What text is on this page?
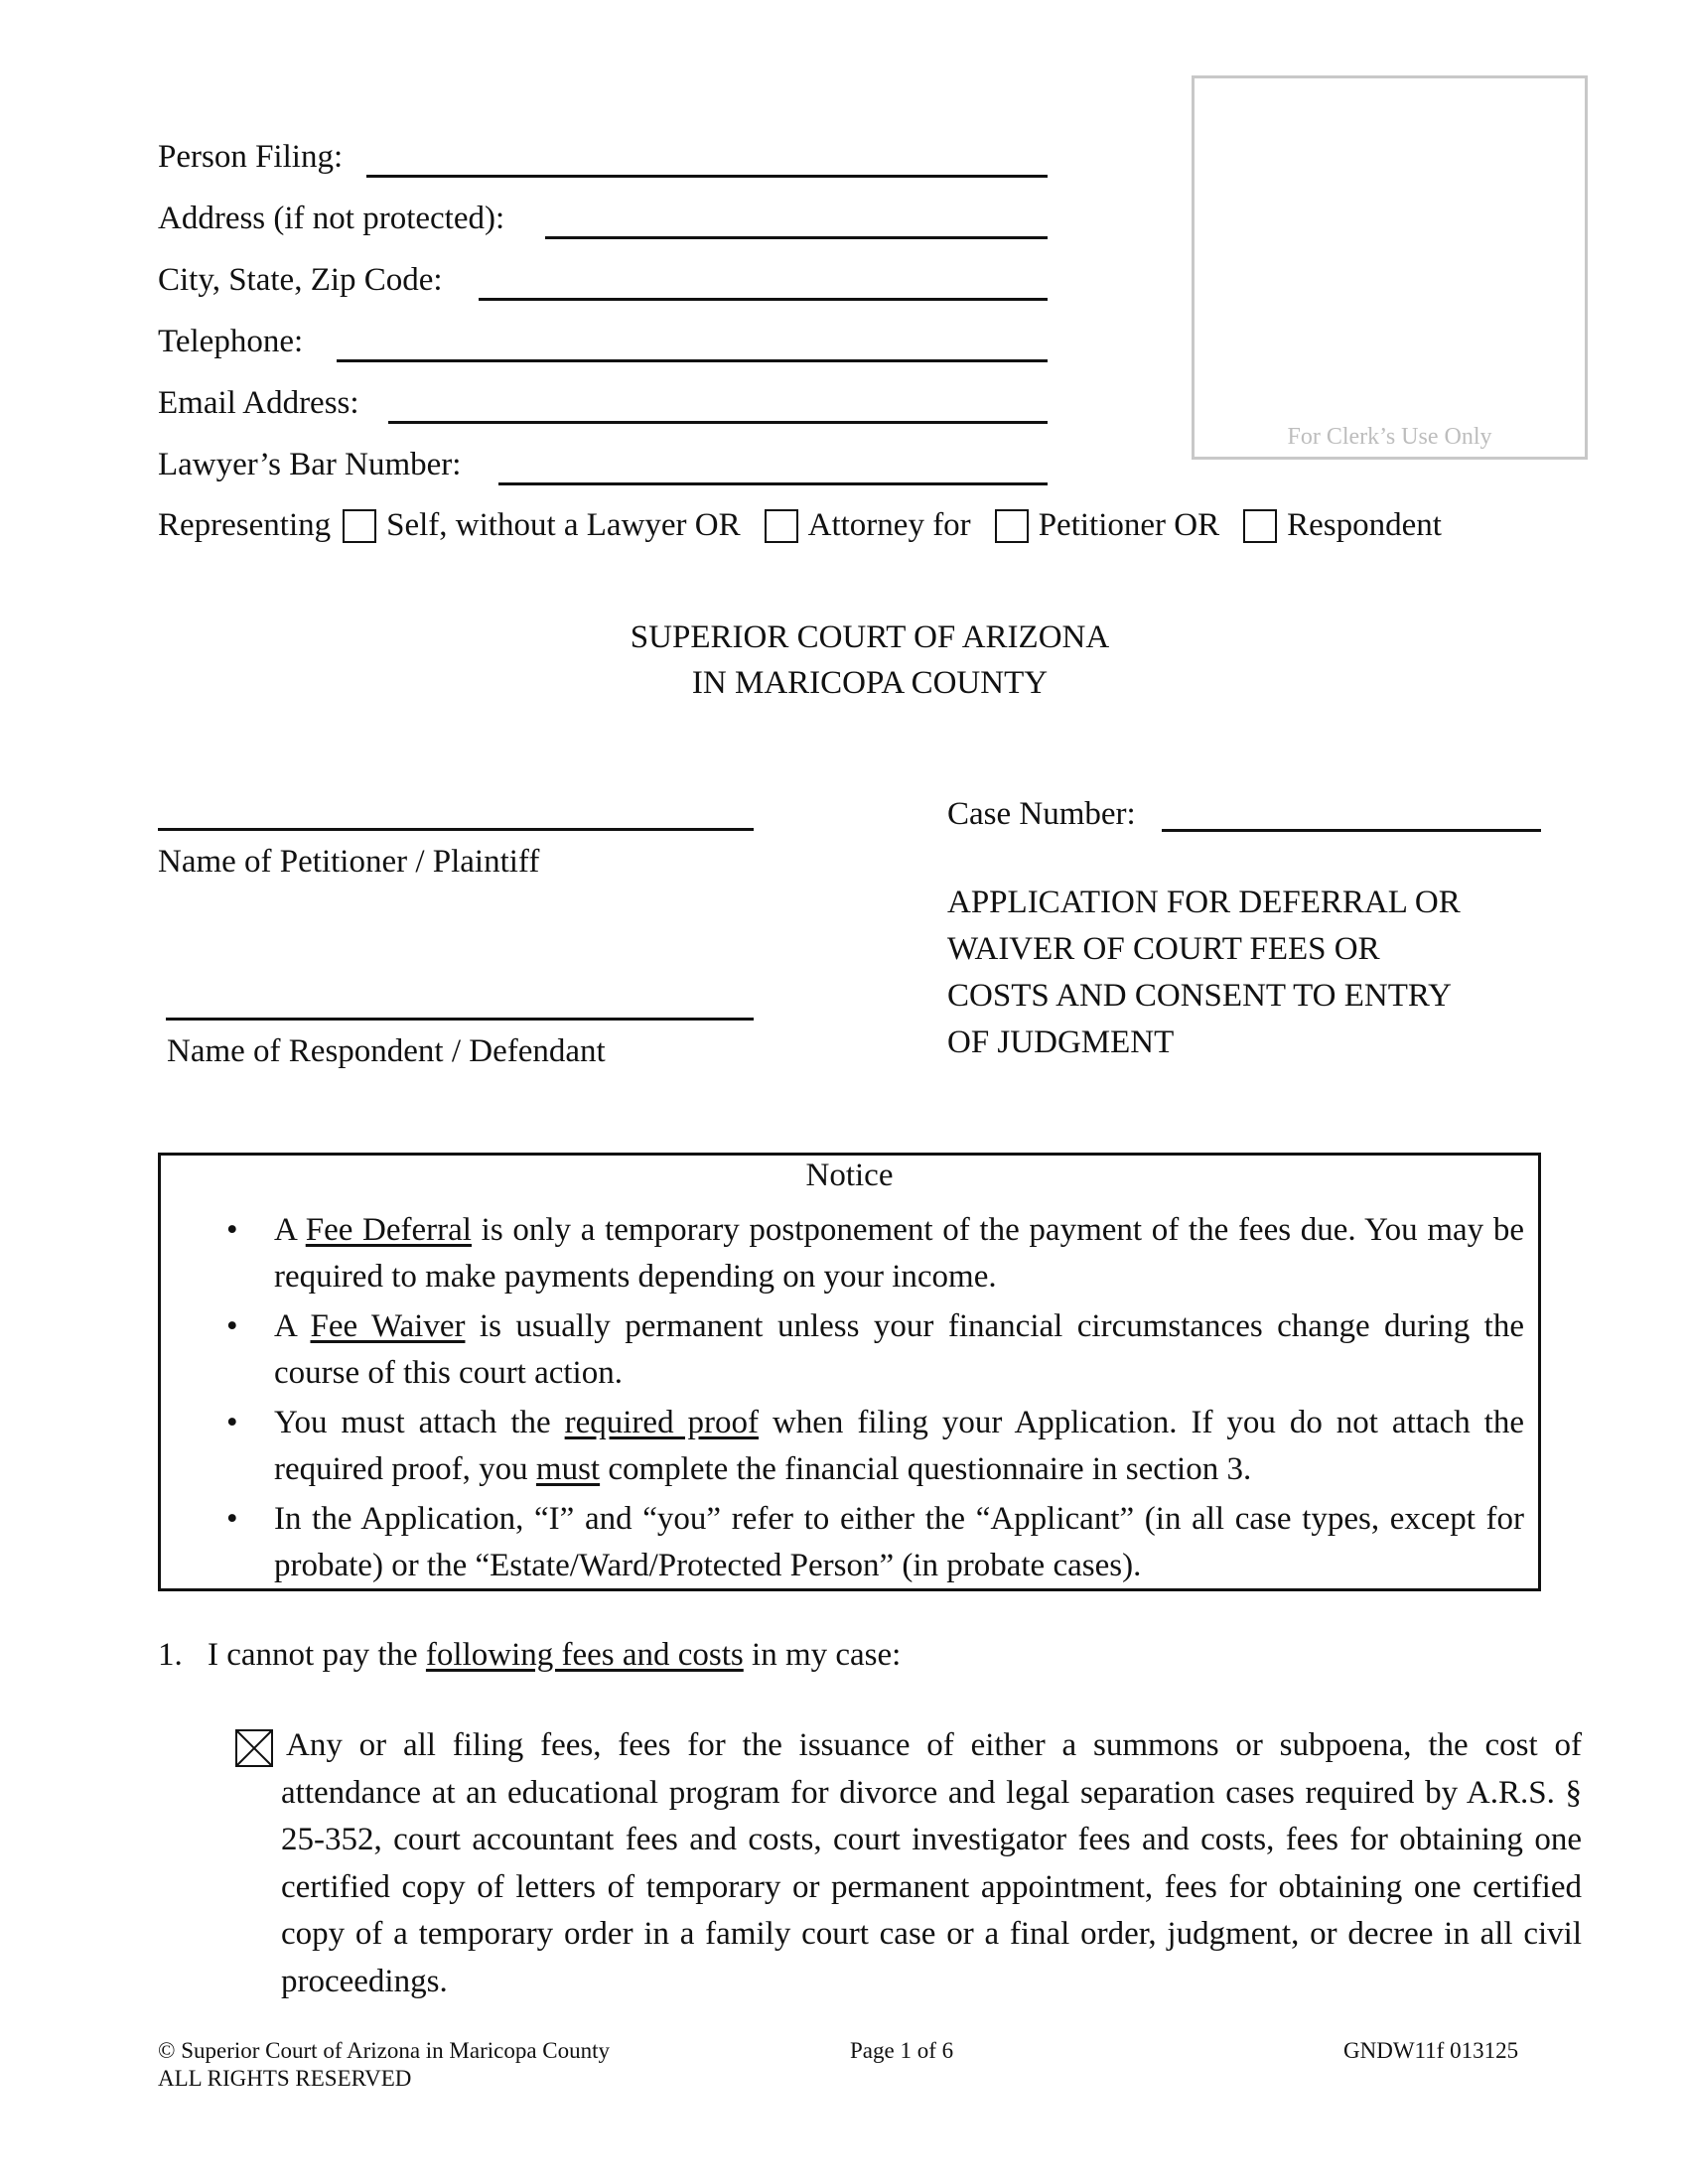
Person Filing:
Address (if not protected):
City, State, Zip Code:
Telephone:
Email Address:
Lawyer’s Bar Number:
For Clerk’s Use Only
Representing Self, without a Lawyer OR Attorney for Petitioner OR Respondent
SUPERIOR COURT OF ARIZONA
IN MARICOPA COUNTY
Name of Petitioner / Plaintiff
Name of Respondent / Defendant
Case Number:
APPLICATION FOR DEFERRAL OR
WAIVER OF COURT FEES OR
COSTS AND CONSENT TO ENTRY
OF JUDGMENT
Notice
• A Fee Deferral is only a temporary postponement of the payment of the fees due. You may be required to make payments depending on your income.
• A Fee Waiver is usually permanent unless your financial circumstances change during the course of this court action.
• You must attach the required proof when filing your Application. If you do not attach the required proof, you must complete the financial questionnaire in section 3.
• In the Application, “I” and “you” refer to either the “Applicant” (in all case types, except for probate) or the “Estate/Ward/Protected Person” (in probate cases).
1. I cannot pay the following fees and costs in my case:
Any or all filing fees, fees for the issuance of either a summons or subpoena, the cost of attendance at an educational program for divorce and legal separation cases required by A.R.S. § 25-352, court accountant fees and costs, court investigator fees and costs, fees for obtaining one certified copy of letters of temporary or permanent appointment, fees for obtaining one certified copy of a temporary order in a family court case or a final order, judgment, or decree in all civil proceedings.
© Superior Court of Arizona in Maricopa County
ALL RIGHTS RESERVED
Page 1 of 6	GNDW11f 013125
